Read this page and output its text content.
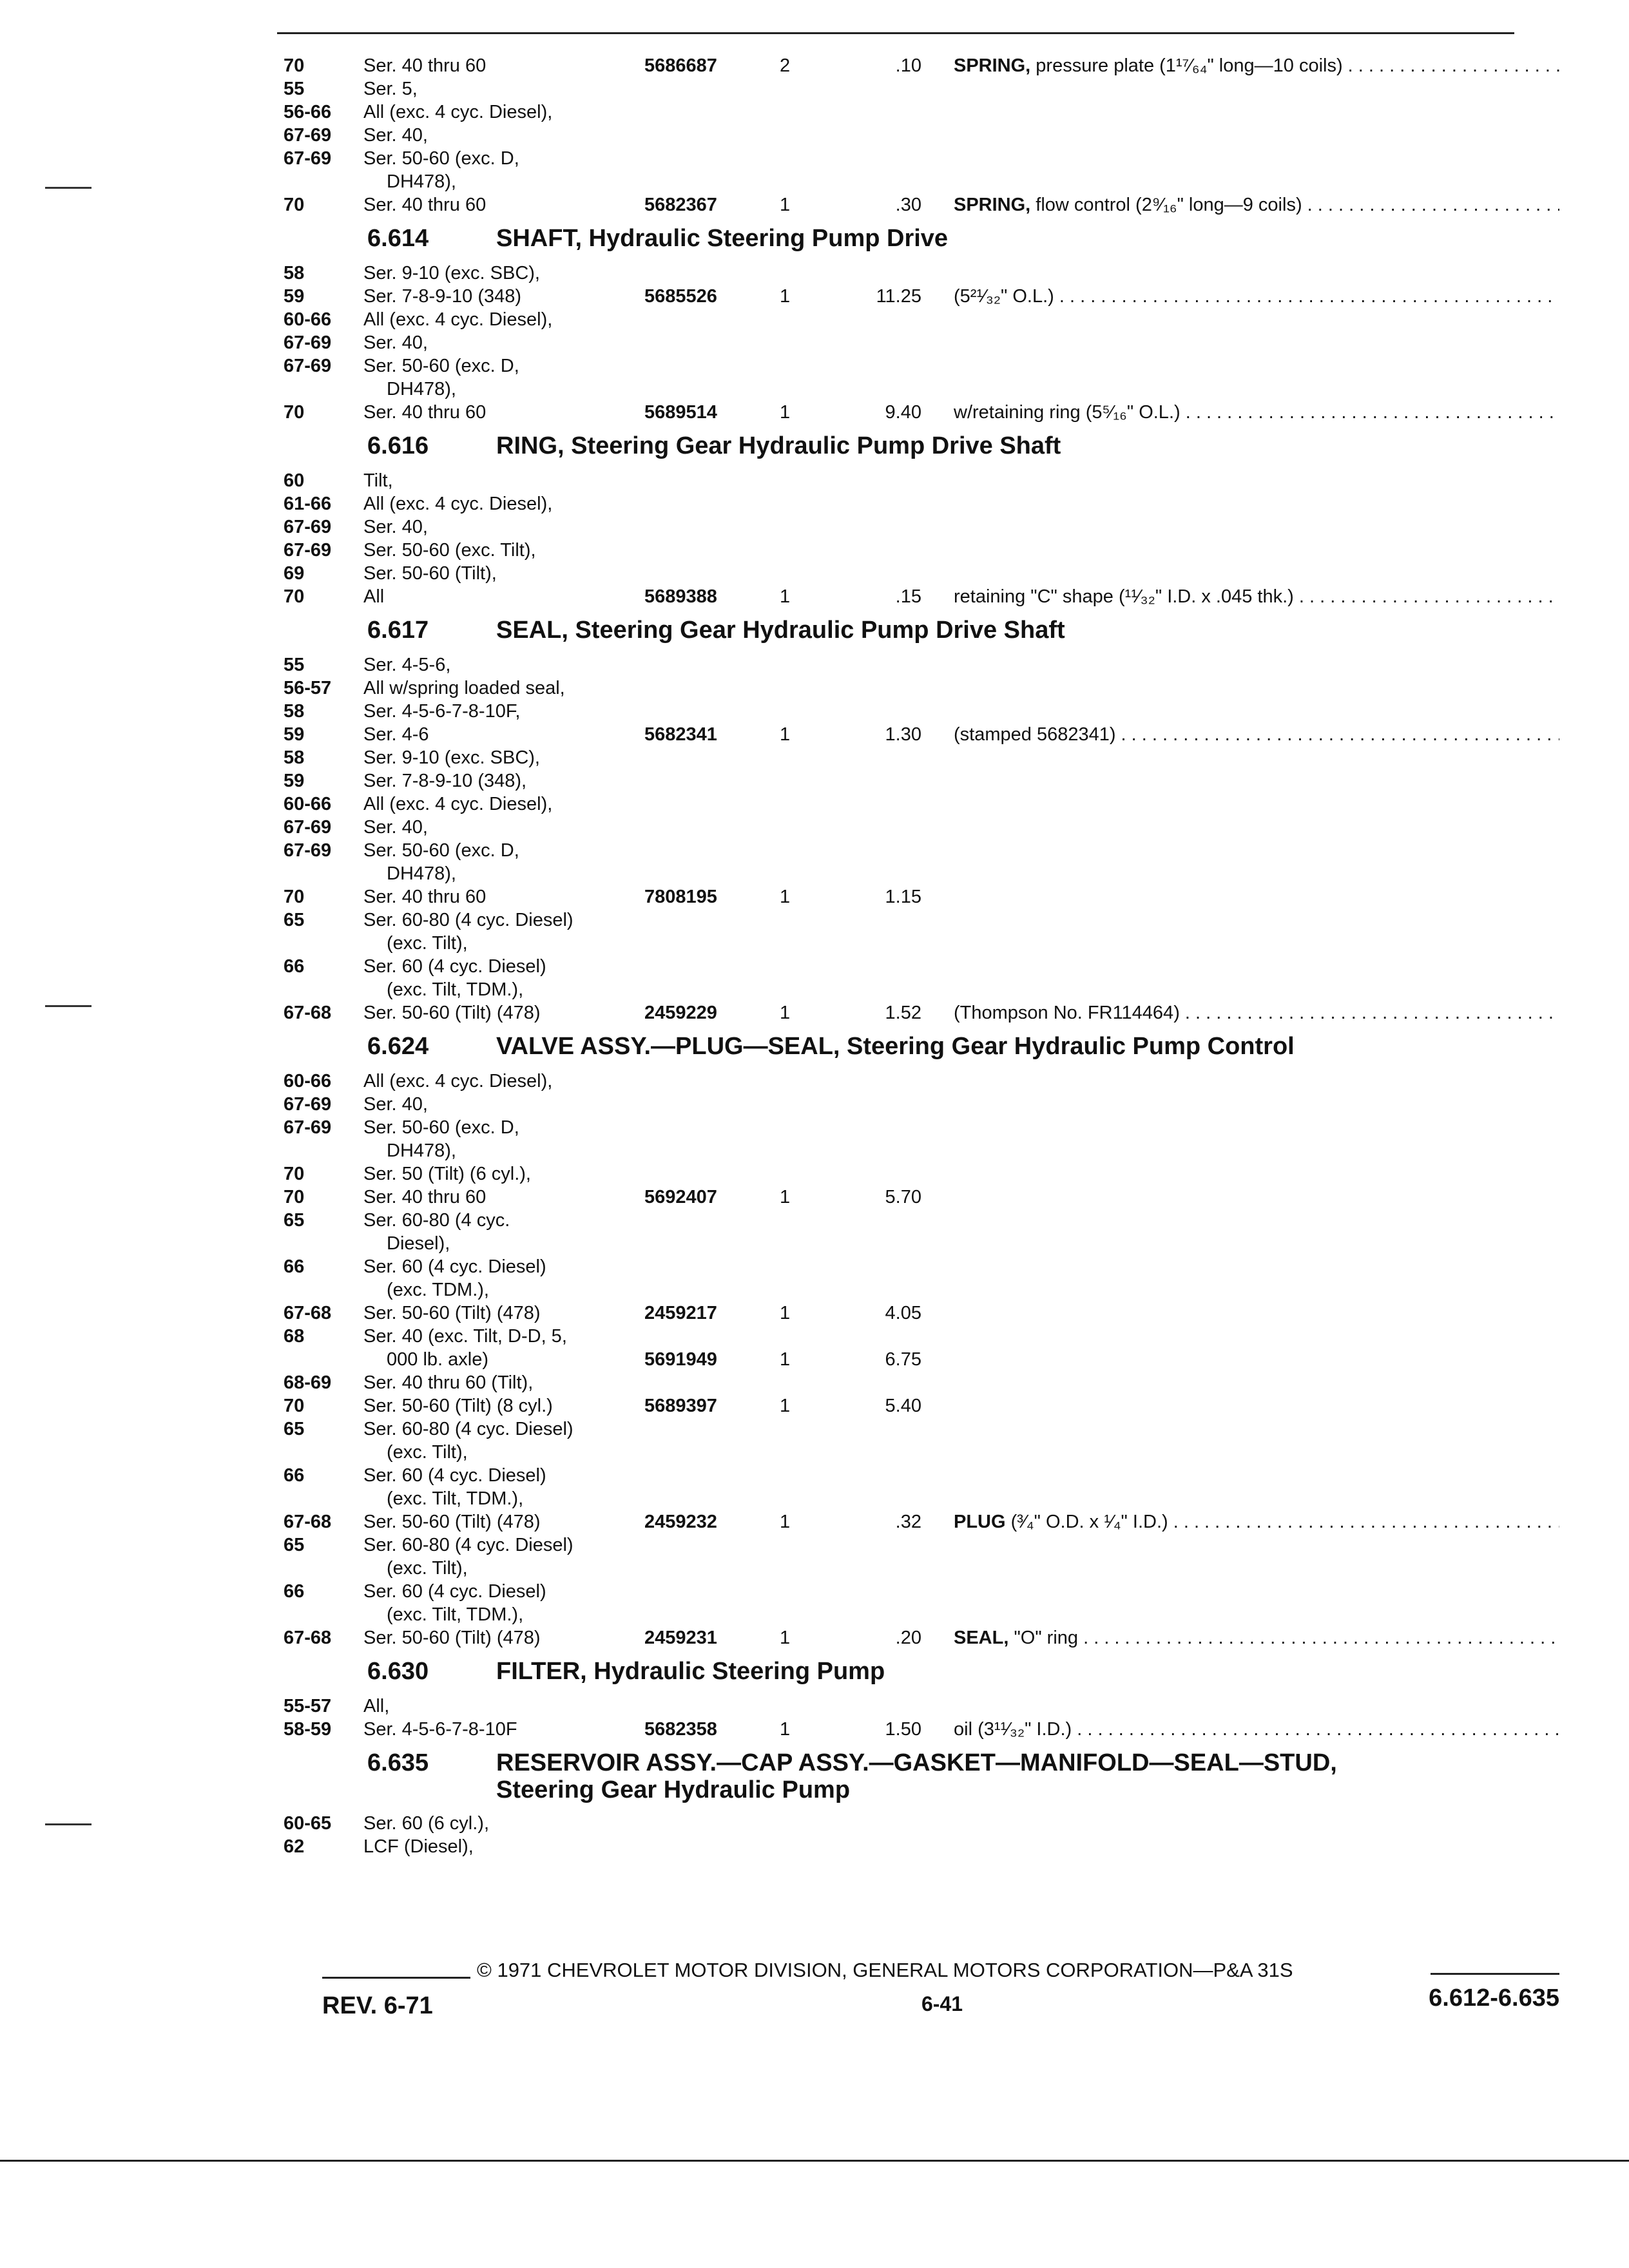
70	Ser. 40 thru 60	5686687	2	.10 SPRING, pressure plate (1¹⁷⁄₆₄" long—10 coils) . . .
55	Ser. 5,
56-66	All (exc. 4 cyc. Diesel),
67-69	Ser. 40,
67-69	Ser. 50-60 (exc. D,
DH478),
70	Ser. 40 thru 60	5682367	1	.30 SPRING, flow control (2⁹⁄₁₆" long—9 coils) . . .
6.614	SHAFT, Hydraulic Steering Pump Drive
58	Ser. 9-10 (exc. SBC),
59	Ser. 7-8-9-10 (348)	5685526	1	11.25 (5²¹⁄₃₂" O.L.) . . .
60-66	All (exc. 4 cyc. Diesel),
67-69	Ser. 40,
67-69	Ser. 50-60 (exc. D,
DH478),
70	Ser. 40 thru 60	5689514	1	9.40 w/retaining ring (5⁵⁄₁₆" O.L.) . . .
6.616	RING, Steering Gear Hydraulic Pump Drive Shaft
60	Tilt,
61-66	All (exc. 4 cyc. Diesel),
67-69	Ser. 40,
67-69	Ser. 50-60 (exc. Tilt),
69	Ser. 50-60 (Tilt),
70	All	5689388	1	.15 retaining "C" shape (¹¹⁄₃₂" I.D. x .045 thk.) . . .
6.617	SEAL, Steering Gear Hydraulic Pump Drive Shaft
55	Ser. 4-5-6,
56-57	All w/spring loaded seal,
58	Ser. 4-5-6-7-8-10F,
59	Ser. 4-6	5682341	1	1.30 (stamped 5682341) . . .
58	Ser. 9-10 (exc. SBC),
59	Ser. 7-8-9-10 (348),
60-66	All (exc. 4 cyc. Diesel),
67-69	Ser. 40,
67-69	Ser. 50-60 (exc. D,
DH478),
70	Ser. 40 thru 60	7808195	1	1.15
65	Ser. 60-80 (4 cyc. Diesel)
(exc. Tilt),
66	Ser. 60 (4 cyc. Diesel)
(exc. Tilt, TDM.),
67-68	Ser. 50-60 (Tilt) (478)	2459229	1	1.52 (Thompson No. FR114464) . . .
6.624	VALVE ASSY.—PLUG—SEAL, Steering Gear Hydraulic Pump Control
60-66	All (exc. 4 cyc. Diesel),
67-69	Ser. 40,
67-69	Ser. 50-60 (exc. D,
DH478),
70	Ser. 50 (Tilt) (6 cyl.),
70	Ser. 40 thru 60	5692407	1	5.70
65	Ser. 60-80 (4 cyc.
Diesel),
66	Ser. 60 (4 cyc. Diesel)
(exc. TDM.),
67-68	Ser. 50-60 (Tilt) (478)	2459217	1	4.05
68	Ser. 40 (exc. Tilt, D-D, 5,
000 lb. axle)	5691949	1	6.75
68-69	Ser. 40 thru 60 (Tilt),
70	Ser. 50-60 (Tilt) (8 cyl.)	5689397	1	5.40
65	Ser. 60-80 (4 cyc. Diesel)
(exc. Tilt),
66	Ser. 60 (4 cyc. Diesel)
(exc. Tilt, TDM.),
67-68	Ser. 50-60 (Tilt) (478)	2459232	1	.32 PLUG (³⁄₄" O.D. x ¹⁄₄" I.D.) . . .
65	Ser. 60-80 (4 cyc. Diesel)
(exc. Tilt),
66	Ser. 60 (4 cyc. Diesel)
(exc. Tilt, TDM.),
67-68	Ser. 50-60 (Tilt) (478)	2459231	1	.20 SEAL, "O" ring . . .
6.630	FILTER, Hydraulic Steering Pump
55-57	All,
58-59	Ser. 4-5-6-7-8-10F	5682358	1	1.50 oil (3¹¹⁄₃₂" I.D.) . . .
6.635	RESERVOIR ASSY.—CAP ASSY.—GASKET—MANIFOLD—SEAL—STUD,
Steering Gear Hydraulic Pump
60-65	Ser. 60 (6 cyl.),
62	LCF (Diesel),
© 1971 CHEVROLET MOTOR DIVISION, GENERAL MOTORS CORPORATION—P&A 31S
REV. 6-71	6-41	6.612-6.635
